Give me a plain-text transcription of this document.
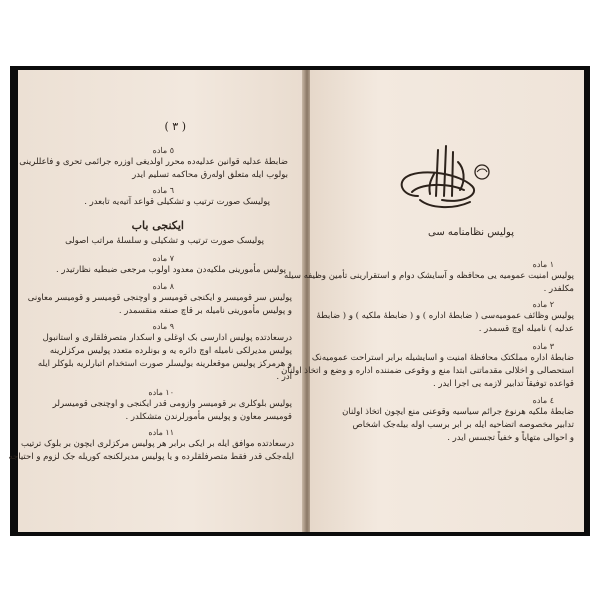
( ٣ )
٥ ماده
ضابطهٔ عدلیه قوانین عدلیه‌ده محرر اولدیغی اوزره جرائمی تحری و فاعللرینی
بولوب ایله متعلق اوله‌رق محاکمه تسلیم ایدر
٦ ماده
پولیسک صورت ترتیب و تشکیلی قواعد آتیه‌یه تابعدر .
ایکنجی باب
پولیسک صورت ترتیب و تشکیلی و سلسلهٔ مراتب اصولی
٧ ماده
پولیس مأمورینی ملکیه‌دن معدود اولوب مرجعی ضبطیه نظارتیدر .
٨ ماده
پولیس سر قومیسر و ایکنجی قومیسر و اوچنجی قومیسر و قومیسر معاونی
و پولیس مأمورینی نامیله بر قاچ صنفه منقسمدر .
٩ ماده
درسعادتده پولیس ادارسی بک اوغلی و اسکدار متصرفلقلری و استانبول
پولیس مدیرلکی نامیله اوچ دائره یه و بونلرده متعدد پولیس مرکزلرینه
و هرمرکز پولیس موقعلرینه بولیسلر صورت استخدام اتبارلریه بلوکلر ایله
ادر .
١٠ ماده
پولیس بلوکلری بر قومیسر وازومی قدر ایکنجی و اوچنجی قومیسرلر
قومیسر معاون و پولیس مأمورلرندن متشکلدر .
١١ ماده
درسعادتده موافق ایله بر ایکی برابر هر پولیس مرکزلری ایچون بر بلوک ترتیب
ایله‌جکی قدر فقط متصرفلقلرده و یا پولیس مدیرلکنجه کوریله جک لزوم و احتیاجه
پولیس نظامنامه سی
١ ماده
پولیس امنیت عمومیه یی محافظه و آسایشک دوام و استقرارینی تأمین وظیفه سیله
مکلفدر .
٢ ماده
پولیس وظائف عمومیه‌سی ( ضابطهٔ اداره ) و ( ضابطهٔ ملکیه ) و ( ضابطهٔ
عدلیه ) نامیله اوچ قسمدر .
٣ ماده
ضابطهٔ اداره مملکتک محافظهٔ امنیت و اسایشیله برابر استراحت عمومیه‌نک
استحصالی و اخلالی مقدماتنی ابتدا منع و وقوعی ضمننده اداره و وضع و اتخاذ اولنان
قواعده توفیقاً تدابیر لازمه یی اجرا ایدر .
٤ ماده
ضابطهٔ ملکیه هرنوع جرائم سیاسیه وقوعنی منع ایچون اتخاذ اولنان
تدابیر مخصوصه اتضاحیه ایله بر ابر برسب اوله بیله‌جک اشخاص
و احوالی متهایاً و خفیاً تجسس ایدر .
